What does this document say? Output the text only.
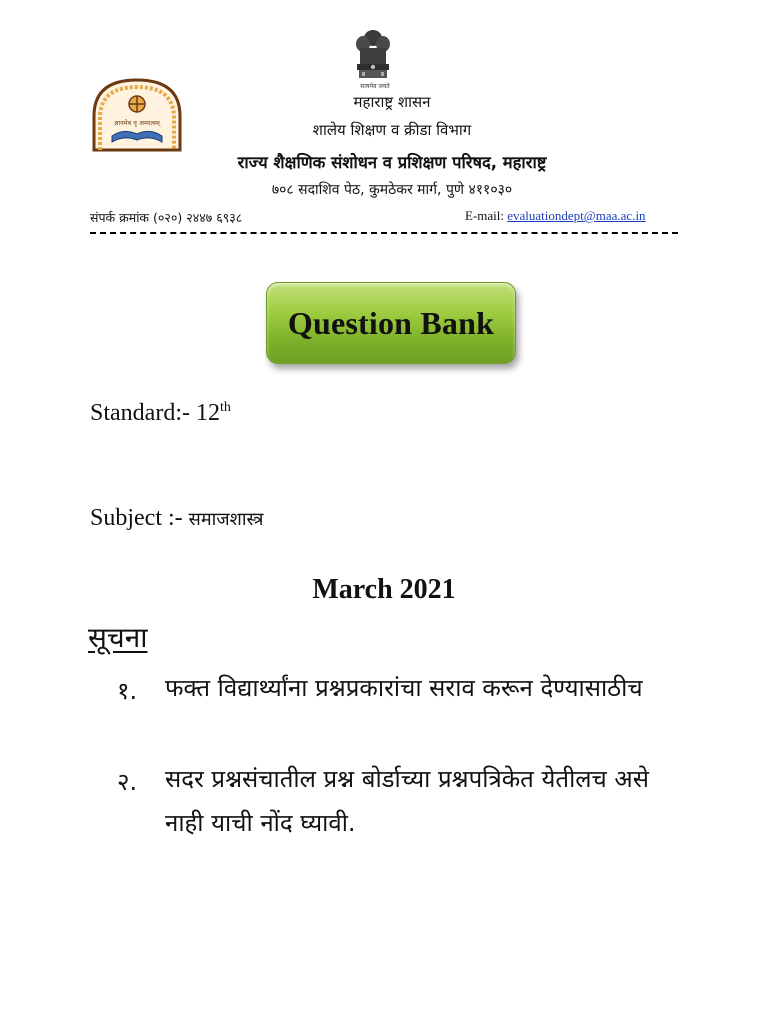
सत्यमेव जयते
ज्ञानमेव नृ अमरत्वम्
महाराष्ट्र शासन
शालेय शिक्षण व क्रीडा विभाग
राज्य शैक्षणिक संशोधन व प्रशिक्षण परिषद, महाराष्ट्र
७०८ सदाशिव पेठ, कुमठेकर मार्ग, पुणे ४११०३०
संपर्क क्रमांक (०२०) २४४७ ६९३८	E-mail: evaluationdept@maa.ac.in
Question Bank
Standard:- 12th
Subject :- समाजशास्त्र
March 2021
सूचना
१. फक्त विद्यार्थ्यांना प्रश्नप्रकारांचा सराव करून देण्यासाठीच
२. सदर प्रश्नसंचातील प्रश्न बोर्डाच्या प्रश्नपत्रिकेत येतीलच असे नाही याची नोंद घ्यावी.
